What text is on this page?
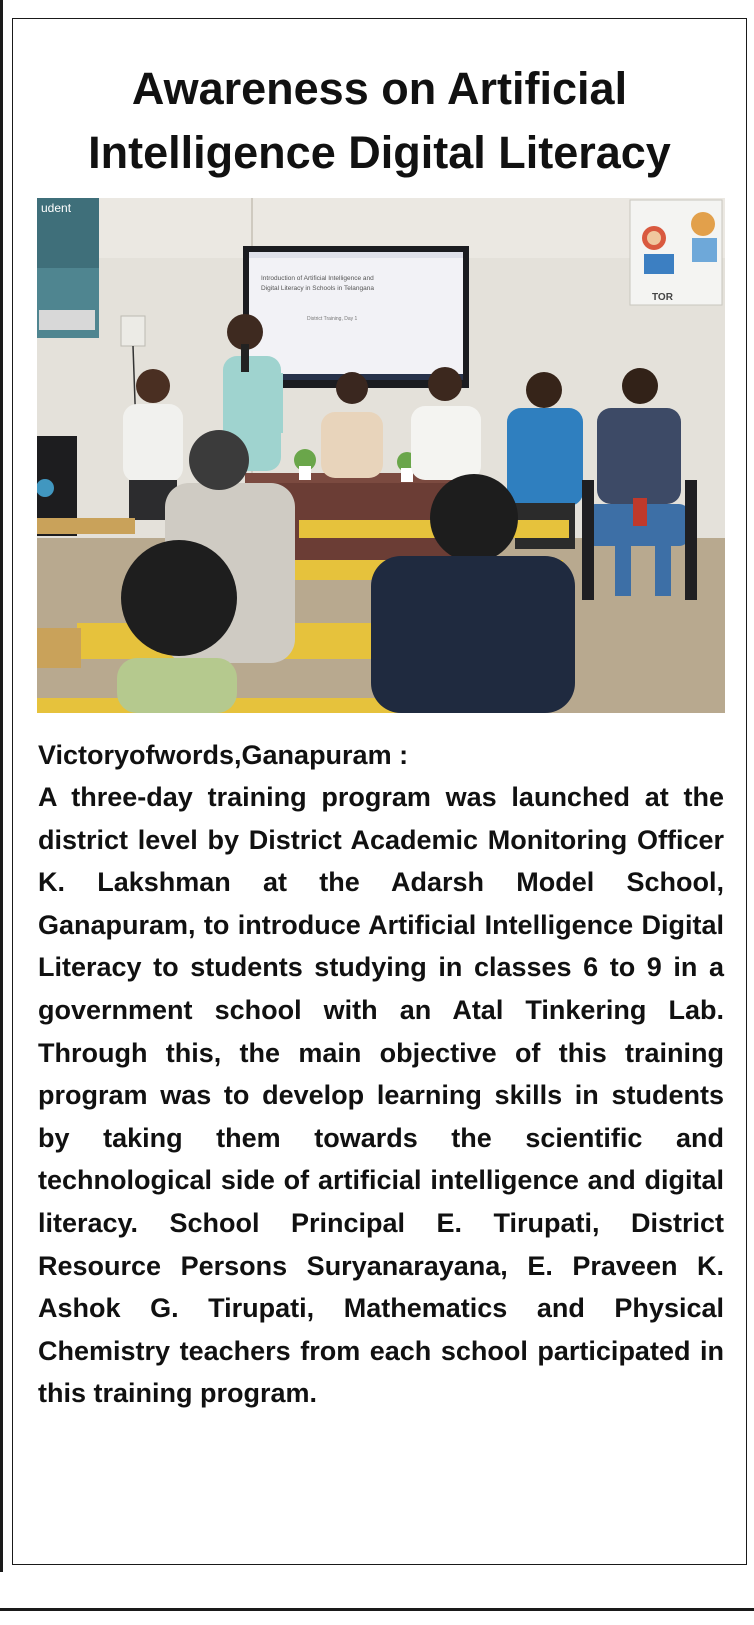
Awareness on Artificial Intelligence Digital Literacy
udent
TOR
Introduction of Artificial Intelligence and
Digital Literacy in Schools in Telangana
District Training, Day 1

Victoryofwords,Ganapuram :

A three-day training program was launched at the district level by District Academic Monitoring Officer K. Lakshman at the Adarsh Model School, Ganapuram, to introduce Artificial Intelligence Digital Literacy to students studying in classes 6 to 9 in a government school with an Atal Tinkering Lab. Through this, the main objective of this training program was to develop learning skills in students by taking them towards the scientific and technological side of artificial intelligence and digital literacy. School Principal E. Tirupati, District Resource Persons Suryanarayana, E. Praveen K. Ashok G. Tirupati, Mathematics and Physical Chemistry teachers from each school participated in this training program.
